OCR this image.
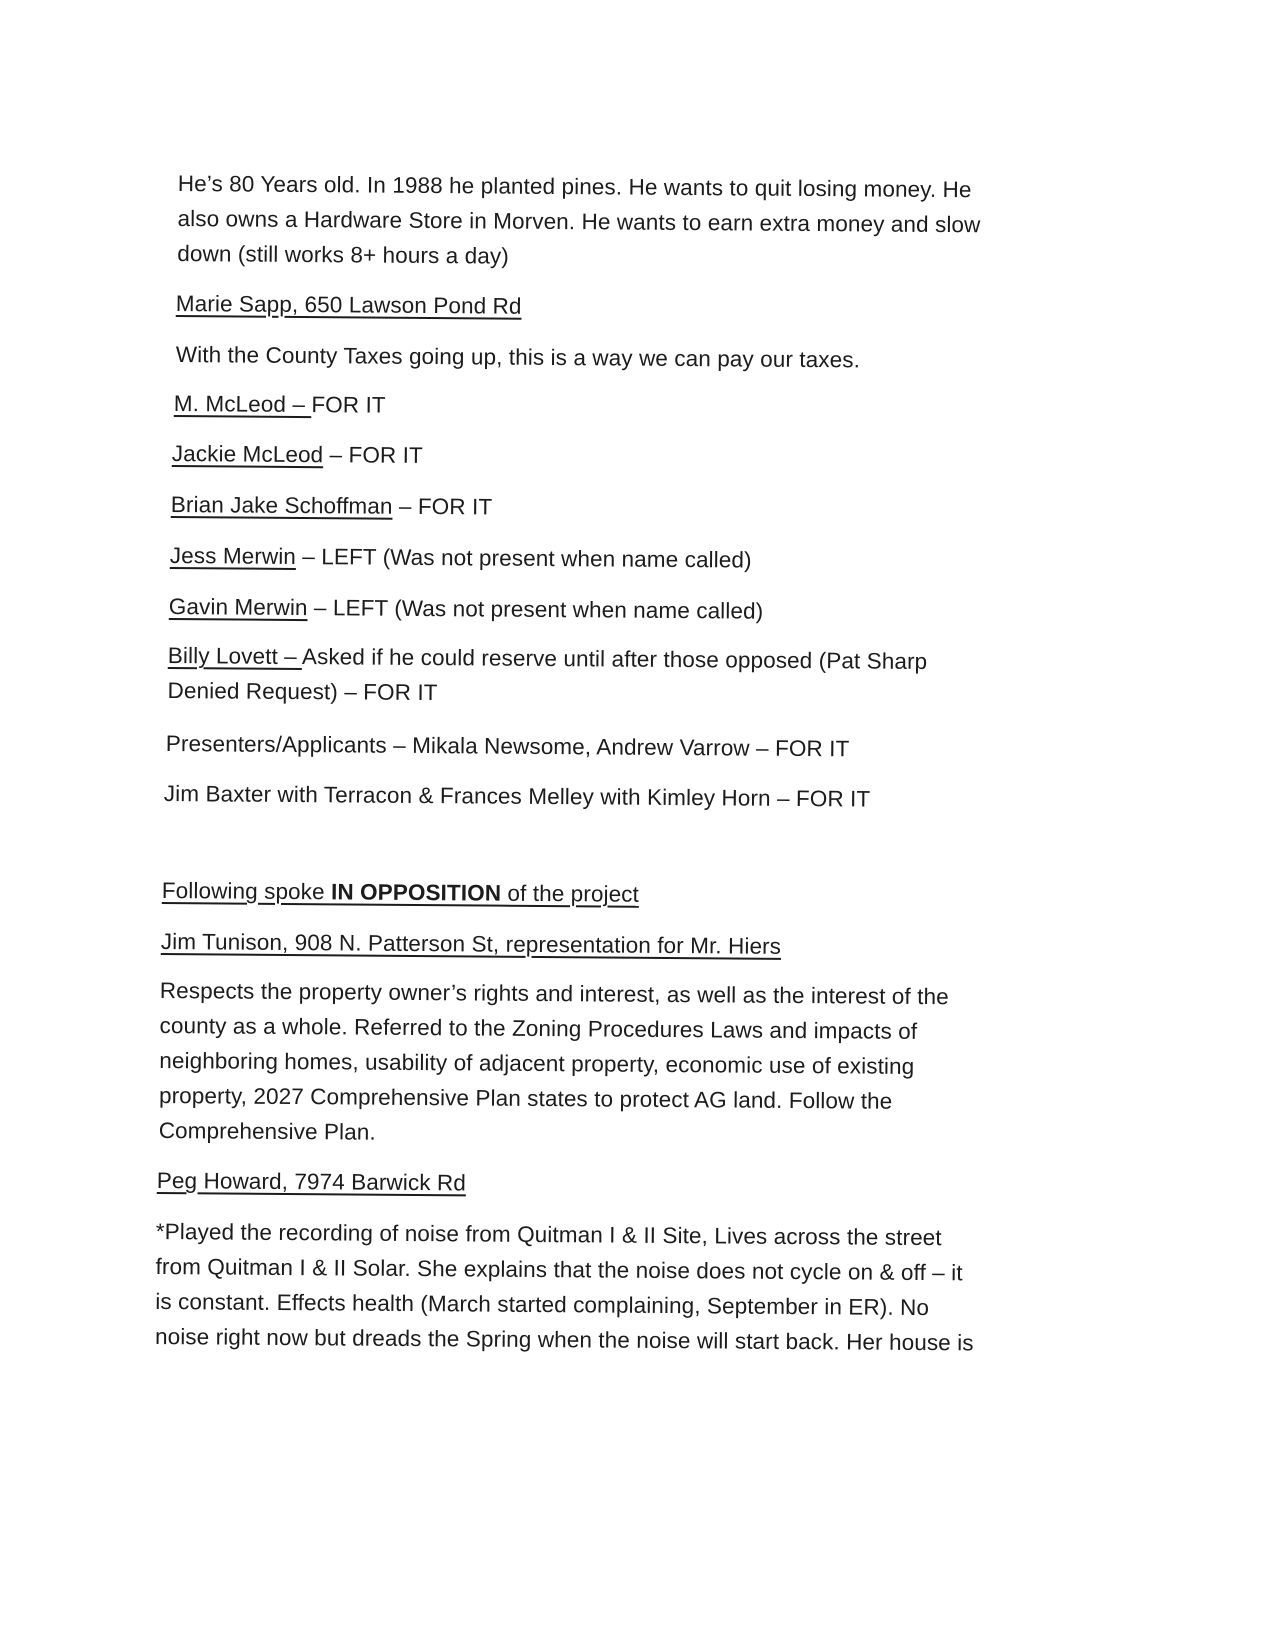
He’s 80 Years old. In 1988 he planted pines. He wants to quit losing money. He
also owns a Hardware Store in Morven. He wants to earn extra money and slow
down (still works 8+ hours a day)
Marie Sapp, 650 Lawson Pond Rd
With the County Taxes going up, this is a way we can pay our taxes.
M. McLeod – FOR IT
Jackie McLeod – FOR IT
Brian Jake Schoffman – FOR IT
Jess Merwin – LEFT (Was not present when name called)
Gavin Merwin – LEFT (Was not present when name called)
Billy Lovett – Asked if he could reserve until after those opposed (Pat Sharp
Denied Request) – FOR IT
Presenters/Applicants – Mikala Newsome, Andrew Varrow – FOR IT
Jim Baxter with Terracon & Frances Melley with Kimley Horn – FOR IT
Following spoke IN OPPOSITION of the project
Jim Tunison, 908 N. Patterson St, representation for Mr. Hiers
Respects the property owner’s rights and interest, as well as the interest of the
county as a whole. Referred to the Zoning Procedures Laws and impacts of
neighboring homes, usability of adjacent property, economic use of existing
property, 2027 Comprehensive Plan states to protect AG land. Follow the
Comprehensive Plan.
Peg Howard, 7974 Barwick Rd
*Played the recording of noise from Quitman I & II Site, Lives across the street
from Quitman I & II Solar. She explains that the noise does not cycle on & off – it
is constant. Effects health (March started complaining, September in ER). No
noise right now but dreads the Spring when the noise will start back. Her house is
